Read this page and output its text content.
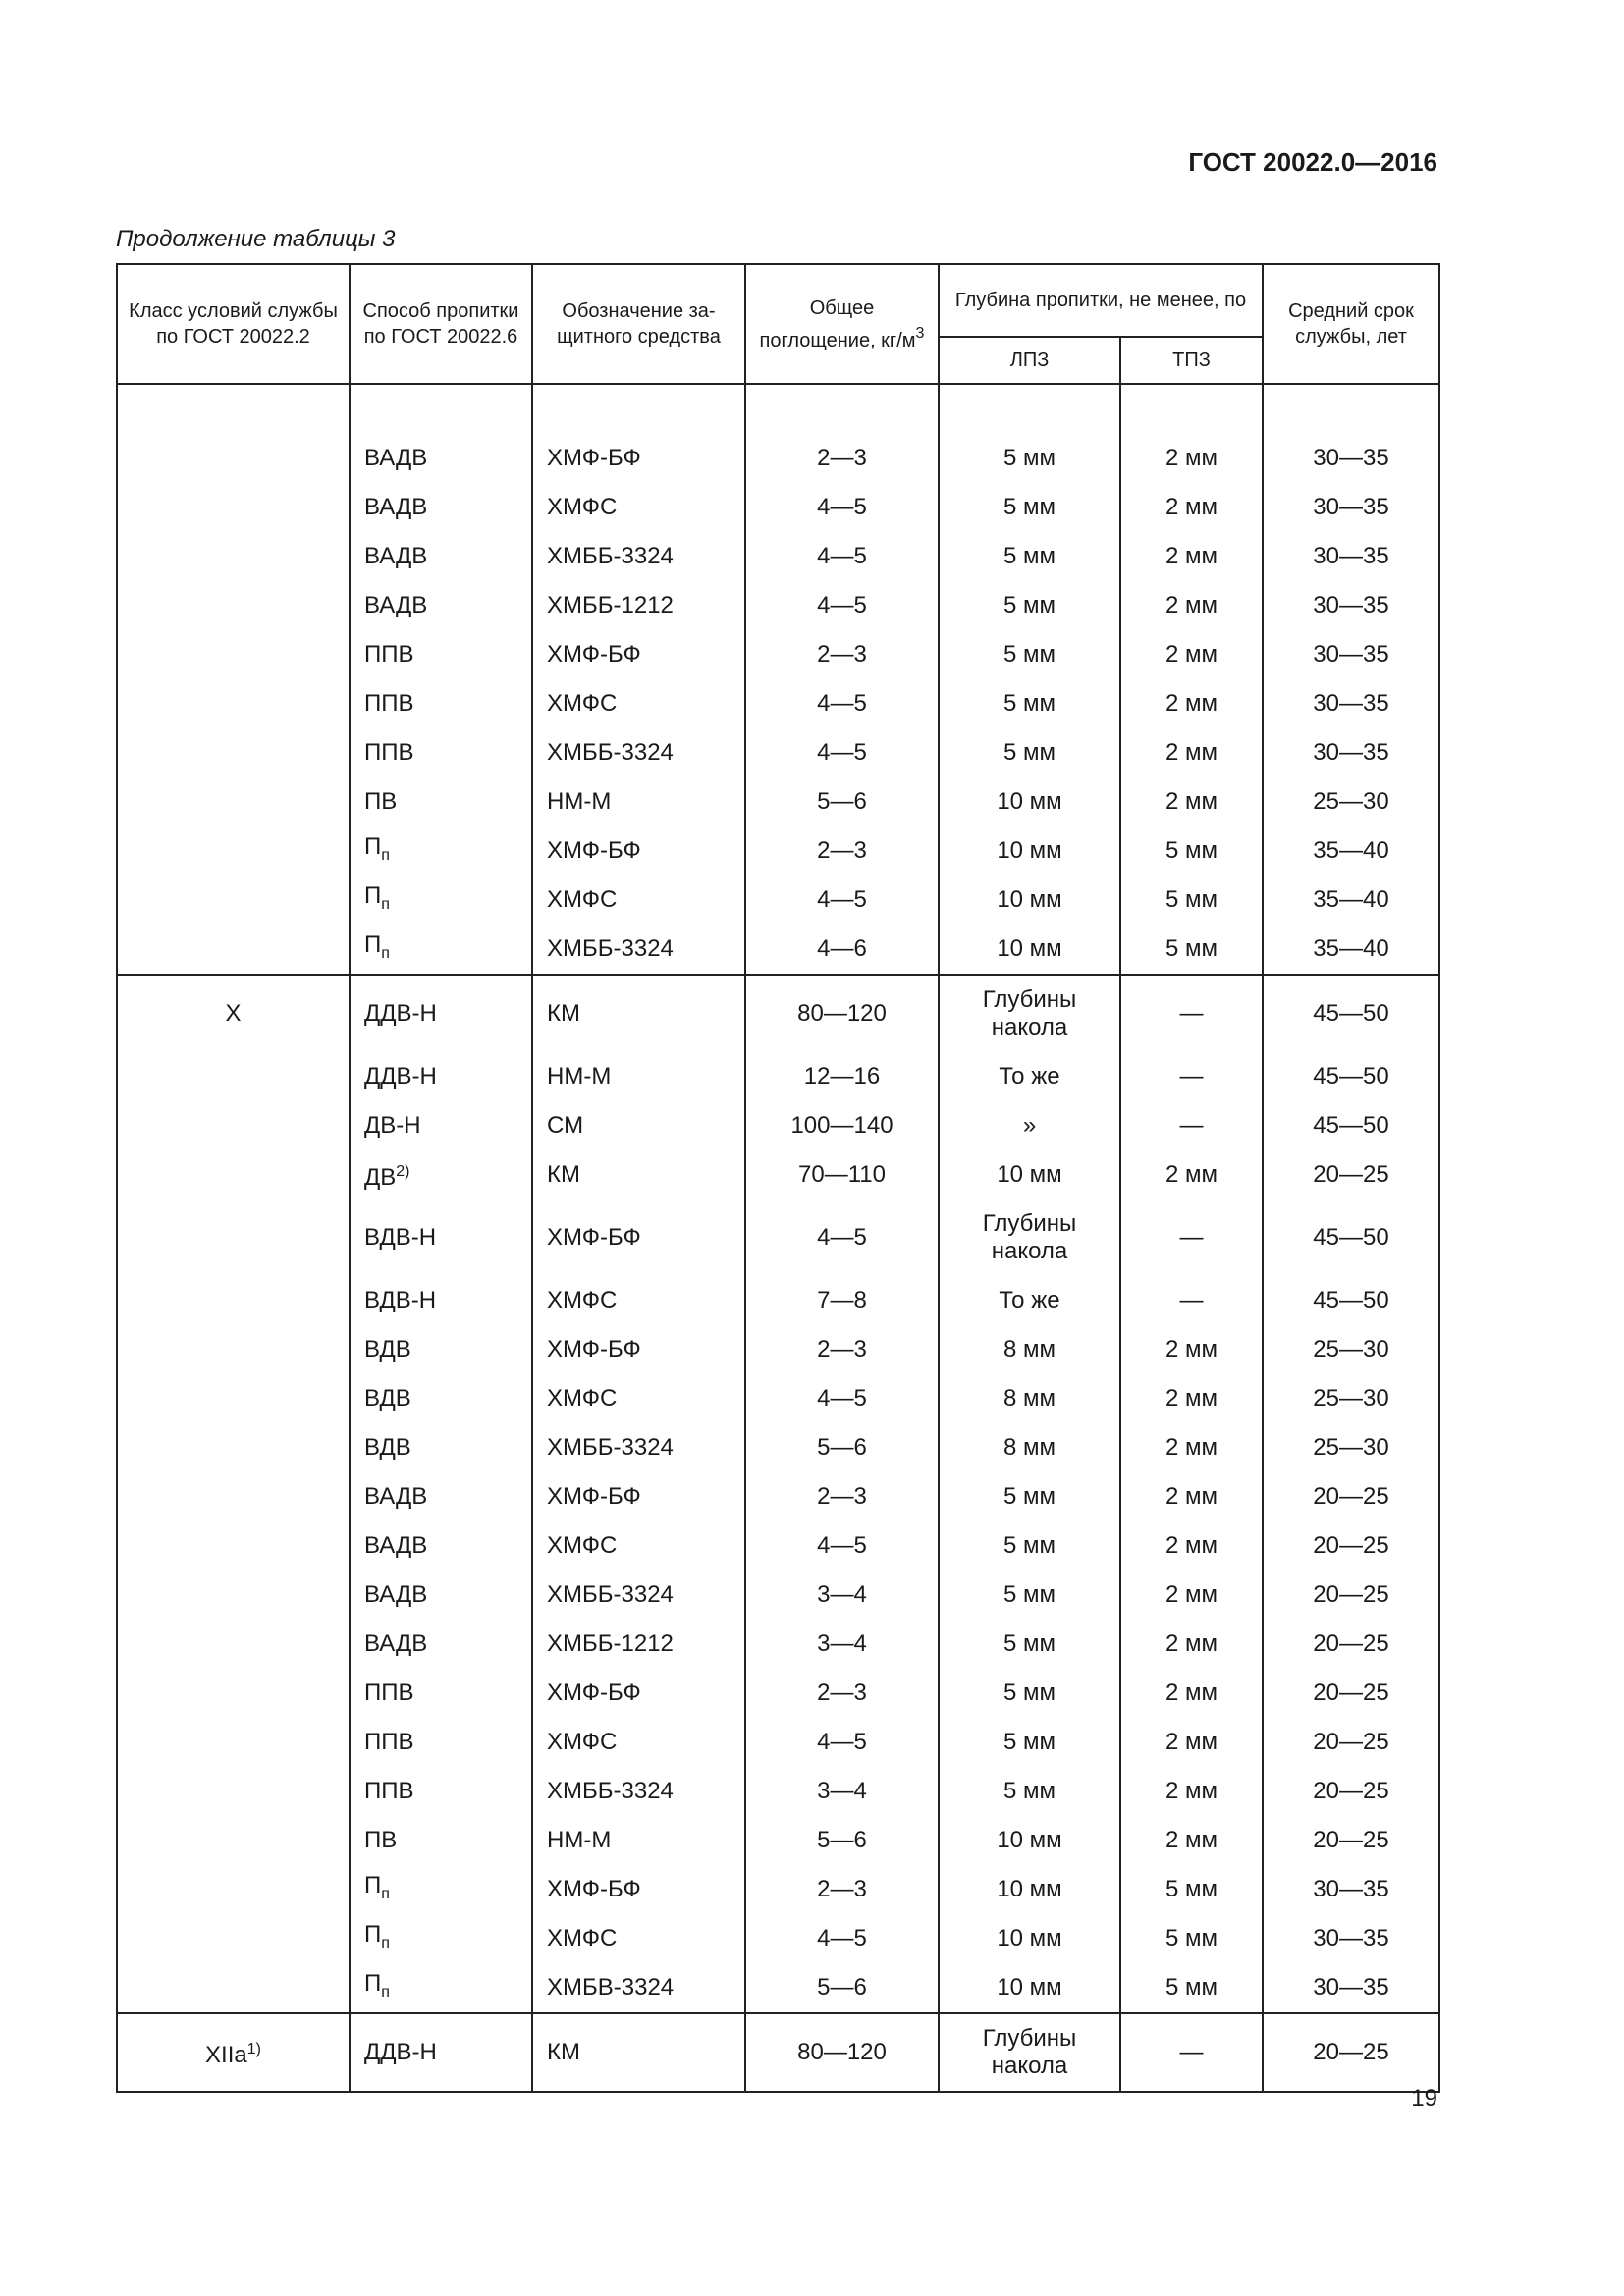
ГОСТ 20022.0—2016
Продолжение таблицы 3
Класс условий службы по ГОСТ 20022.2	Способ пропитки по ГОСТ 20022.6	Обозначение за-щитного средства	Общее поглощение, $кг/м^3$	Глубина пропитки, не менее, по		Средний срок службы, лет
				ЛПЗ	ТПЗ	

	ВАДВ	ХМФ-БФ	2—3	5 мм	2 мм	30—35
	ВАДВ	ХМФС	4—5	5 мм	2 мм	30—35
	ВАДВ	ХМББ-3324	4—5	5 мм	2 мм	30—35
	ВАДВ	ХМББ-1212	4—5	5 мм	2 мм	30—35
	ППВ	ХМФ-БФ	2—3	5 мм	2 мм	30—35
	ППВ	ХМФС	4—5	5 мм	2 мм	30—35
	ППВ	ХМББ-3324	4—5	5 мм	2 мм	30—35
	ПВ	НМ-М	5—6	10 мм	2 мм	25—30
	$П_п$	ХМФ-БФ	2—3	10 мм	5 мм	35—40
	$П_п$	ХМФС	4—5	10 мм	5 мм	35—40
	$П_п$	ХМББ-3324	4—6	10 мм	5 мм	35—40
X	ДДВ-Н	КМ	80—120	Глубины накола	—	45—50
	ДДВ-Н	НМ-М	12—16	То же	—	45—50
	ДВ-Н	СМ	100—140	»	—	45—50
	ДВ$^{2)}$	КМ	70—110	10 мм	2 мм	20—25
	ВДВ-Н	ХМФ-БФ	4—5	Глубины накола	—	45—50
	ВДВ-Н	ХМФС	7—8	То же	—	45—50
	ВДВ	ХМФ-БФ	2—3	8 мм	2 мм	25—30
	ВДВ	ХМФС	4—5	8 мм	2 мм	25—30
	ВДВ	ХМББ-3324	5—6	8 мм	2 мм	25—30
	ВАДВ	ХМФ-БФ	2—3	5 мм	2 мм	20—25
	ВАДВ	ХМФС	4—5	5 мм	2 мм	20—25
	ВАДВ	ХМББ-3324	3—4	5 мм	2 мм	20—25
	ВАДВ	ХМББ-1212	3—4	5 мм	2 мм	20—25
	ППВ	ХМФ-БФ	2—3	5 мм	2 мм	20—25
	ППВ	ХМФС	4—5	5 мм	2 мм	20—25
	ППВ	ХМББ-3324	3—4	5 мм	2 мм	20—25
	ПВ	НМ-М	5—6	10 мм	2 мм	20—25
	$П_п$	ХМФ-БФ	2—3	10 мм	5 мм	30—35
	$П_п$	ХМФС	4—5	10 мм	5 мм	30—35
	$П_п$	ХМБВ-3324	5—6	10 мм	5 мм	30—35
XIIа$^{1)}$	ДДВ-Н	КМ	80—120	Глубины накола	—	20—25
19
